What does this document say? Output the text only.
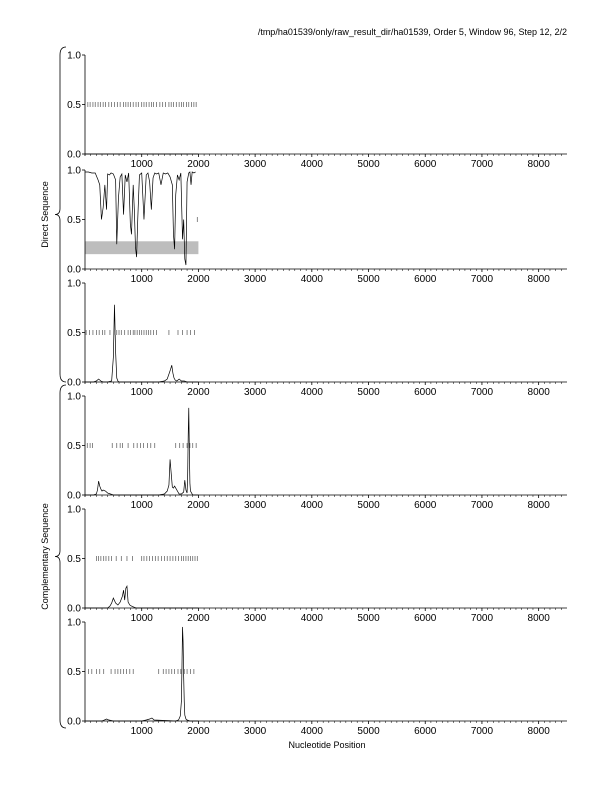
/tmp/ha01539/only/raw_result_dir/ha01539, Order 5, Window 96, Step 12, 2/2
0.0
0.5
1.0
1000	2000	3000	4000	5000	6000	7000	8000
0.0
0.5
1.0
1000	2000	3000	4000	5000	6000	7000	8000
0.0
0.5
1.0
1000	2000	3000	4000	5000	6000	7000	8000
0.0
0.5
1.0
1000	2000	3000	4000	5000	6000	7000	8000
0.0
0.5
1.0
1000	2000	3000	4000	5000	6000	7000	8000
0.0
0.5
1.0
1000	2000	3000	4000	5000	6000	7000	8000
Direct Sequence
Complementary Sequence
Nucleotide Position
